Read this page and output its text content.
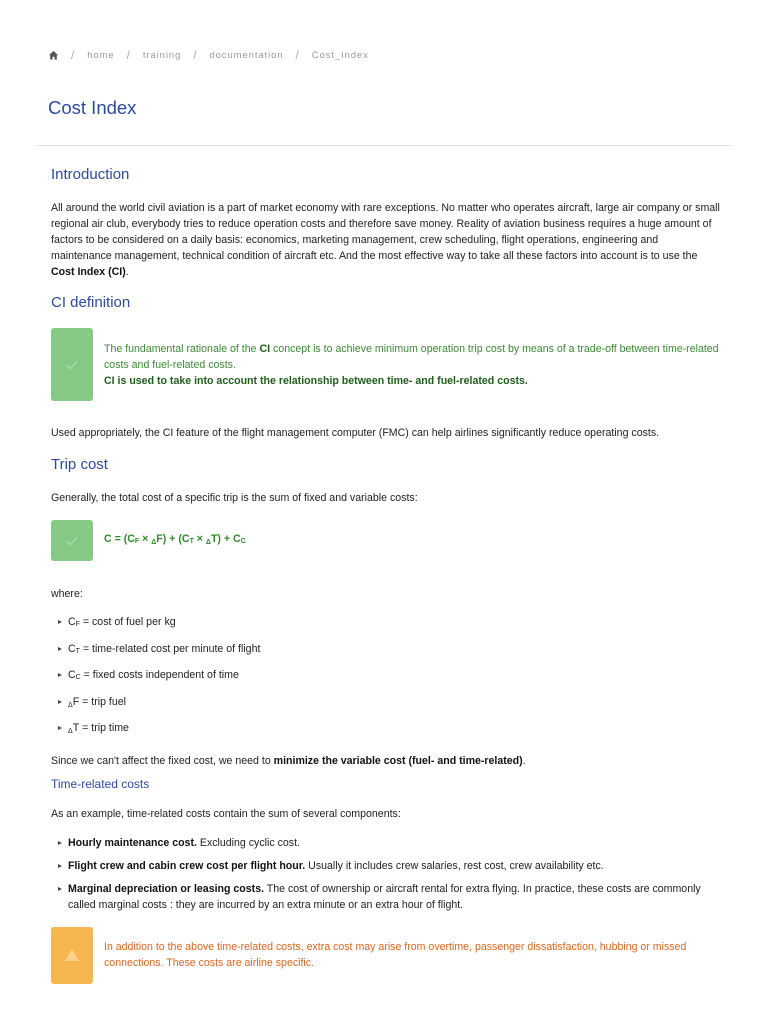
/ home / training / documentation / Cost_Index
Cost Index
Introduction

All around the world civil aviation is a part of market economy with rare exceptions. No matter who operates aircraft, large air company or small regional air club, everybody tries to reduce operation costs and therefore save money. Reality of aviation business requires a huge amount of factors to be considered on a daily basis: economics, marketing management, crew scheduling, flight operations, engineering and maintenance management, technical condition of aircraft etc. And the most effective way to take all these factors into account is to use the Cost Index (CI).

CI definition
The fundamental rationale of the CI concept is to achieve minimum operation trip cost by means of a trade-off between time-related costs and fuel-related costs.
CI is used to take into account the relationship between time- and fuel-related costs.

Used appropriately, the CI feature of the flight management computer (FMC) can help airlines significantly reduce operating costs.

Trip cost

Generally, the total cost of a specific trip is the sum of fixed and variable costs:

$C = (C_F \times \Delta F) + (C_T \times \Delta T) + C_C$

where:

$C_F = \cos t$ of fuel per kg
$C_T$ = time-related cost per minute of flight
$C_C$ = fixed costs independent of time
ΔF = trip fuel
ΔT = trip time

Since we can't affect the fixed cost, we need to minimize the variable cost (fuel- and time-related).

Time-related costs

As an example, time-related costs contain the sum of several components:

Hourly maintenance cost. Excluding cyclic cost.
Flight crew and cabin crew cost per flight hour. Usually it includes crew salaries, rest cost, crew availability etc.
Marginal depreciation or leasing costs. The cost of ownership or aircraft rental for extra flying. In practice, these costs are commonly called marginal costs : they are incurred by an extra minute or an extra hour of flight.
In addition to the above time-related costs, extra cost may arise from overtime, passenger dissatisfaction, hubbing or missed connections. These costs are airline specific.
